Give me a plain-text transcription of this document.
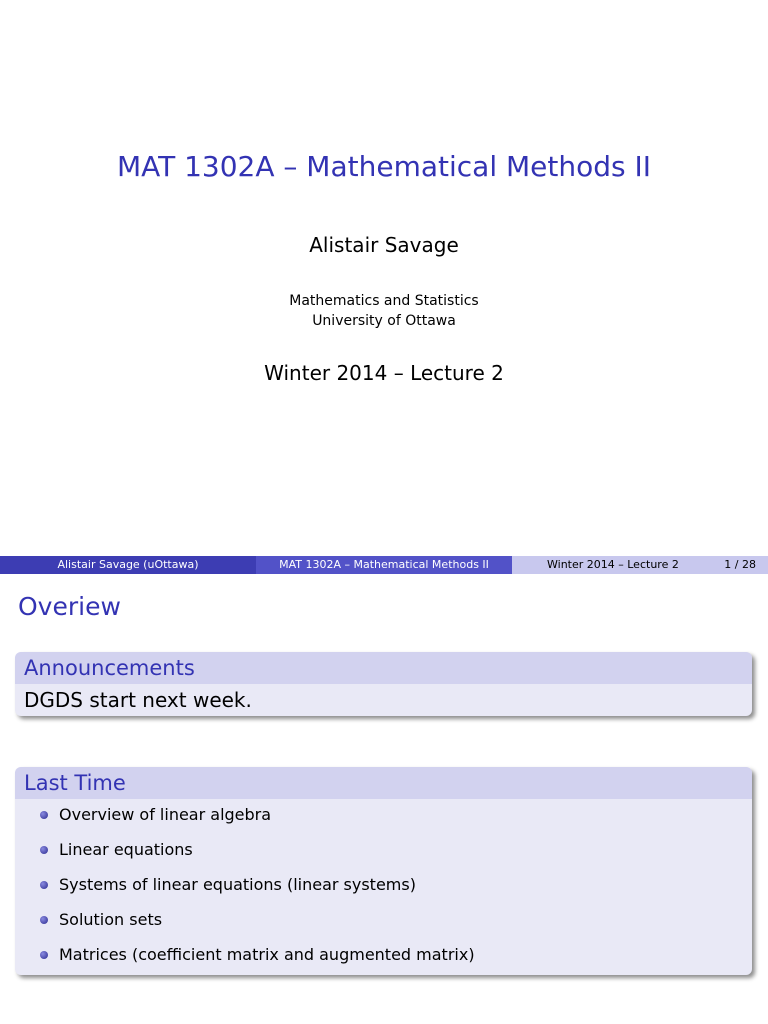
MAT 1302A – Mathematical Methods II
Alistair Savage
Mathematics and Statistics
University of Ottawa
Winter 2014 – Lecture 2
Alistair Savage (uOttawa)	MAT 1302A – Mathematical Methods II	Winter 2014 – Lecture 2	1 / 28
Overiew
Announcements
DGDS start next week.
Last Time
Overview of linear algebra
Linear equations
Systems of linear equations (linear systems)
Solution sets
Matrices (coefficient matrix and augmented matrix)
